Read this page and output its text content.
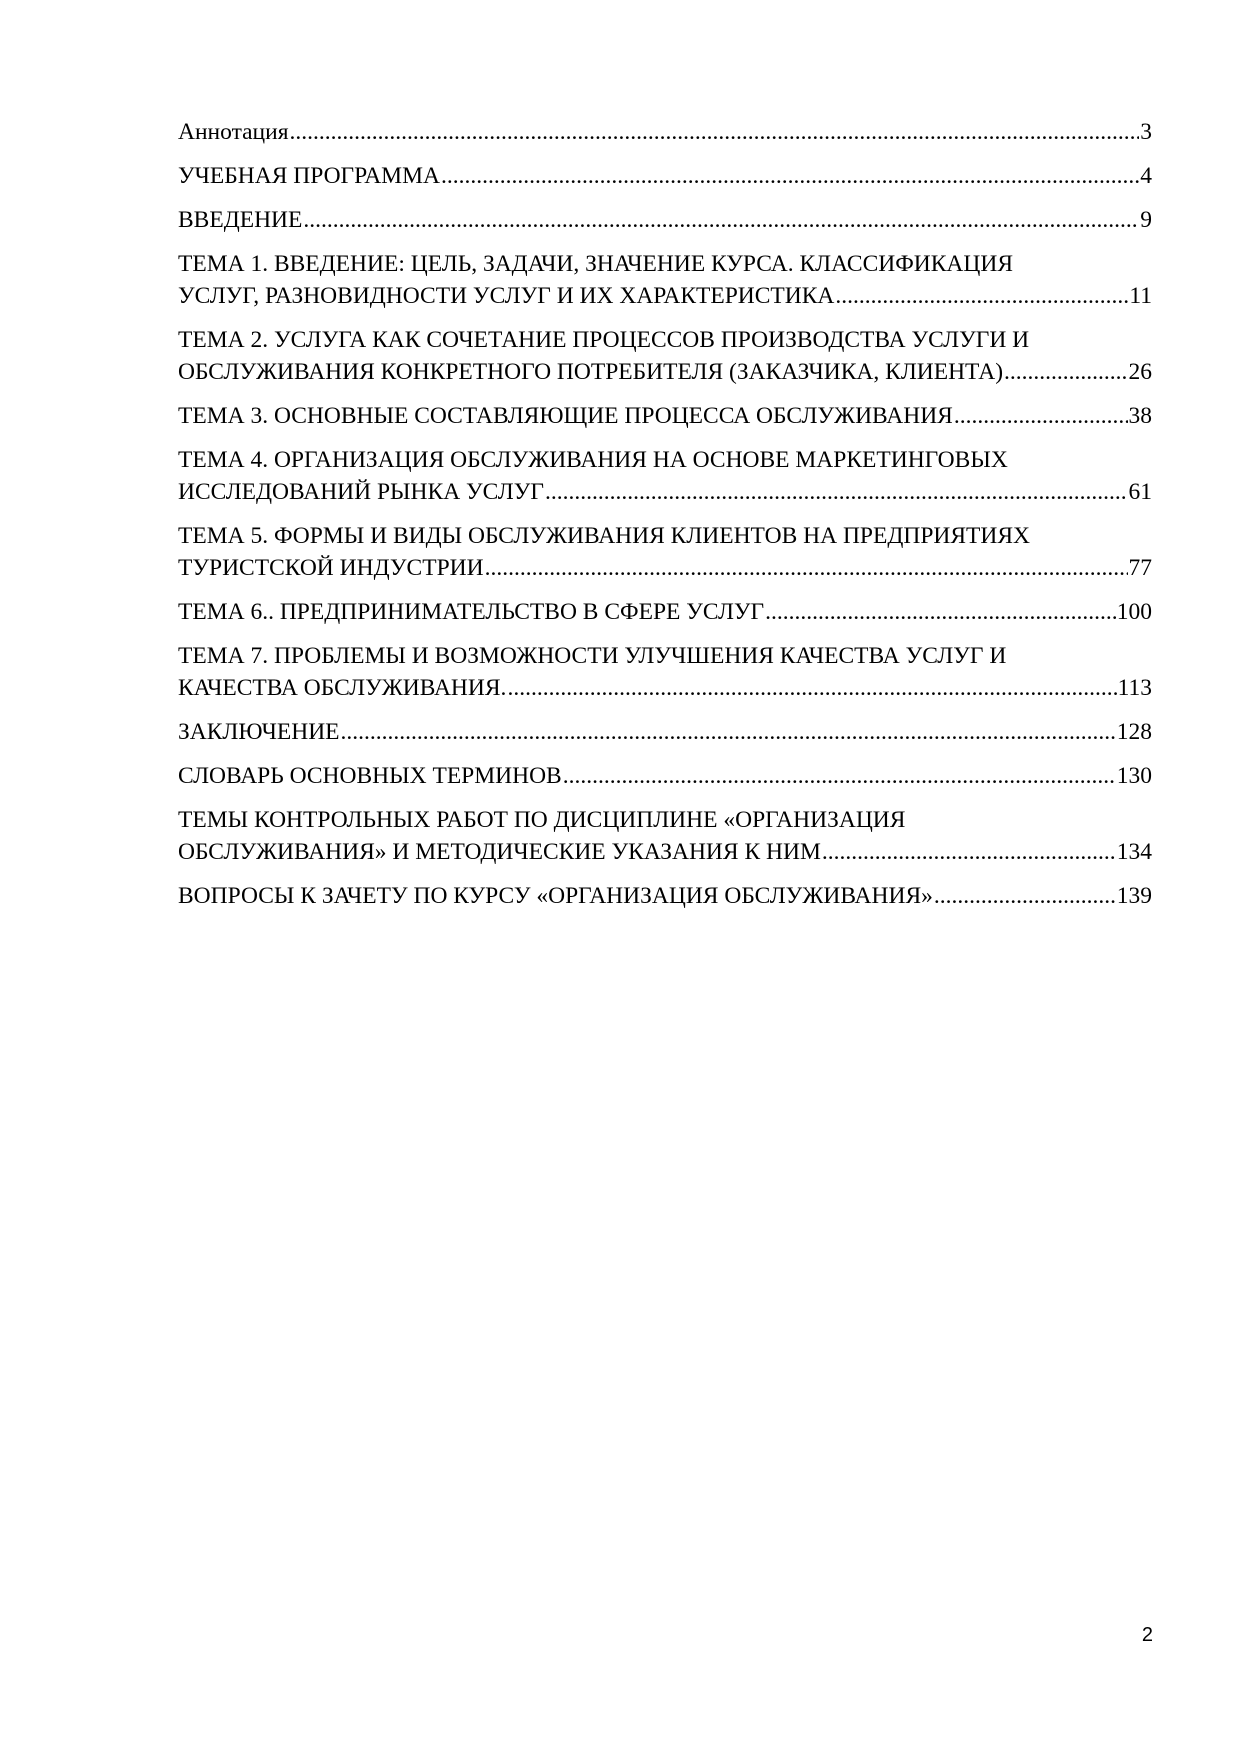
Аннотация .....	3
УЧЕБНАЯ ПРОГРАММА .....	4
ВВЕДЕНИЕ .....	9
ТЕМА 1. ВВЕДЕНИЕ: ЦЕЛЬ, ЗАДАЧИ, ЗНАЧЕНИЕ КУРСА. КЛАССИФИКАЦИЯ
УСЛУГ, РАЗНОВИДНОСТИ УСЛУГ И ИХ ХАРАКТЕРИСТИКА .....	11
ТЕМА 2. УСЛУГА КАК СОЧЕТАНИЕ ПРОЦЕССОВ ПРОИЗВОДСТВА УСЛУГИ И
ОБСЛУЖИВАНИЯ КОНКРЕТНОГО ПОТРЕБИТЕЛЯ (ЗАКАЗЧИКА, КЛИЕНТА) .....	26
ТЕМА 3. ОСНОВНЫЕ СОСТАВЛЯЮЩИЕ ПРОЦЕССА ОБСЛУЖИВАНИЯ .....	38
ТЕМА 4. ОРГАНИЗАЦИЯ ОБСЛУЖИВАНИЯ НА ОСНОВЕ МАРКЕТИНГОВЫХ
ИССЛЕДОВАНИЙ РЫНКА УСЛУГ .....	61
ТЕМА 5. ФОРМЫ И ВИДЫ ОБСЛУЖИВАНИЯ КЛИЕНТОВ НА ПРЕДПРИЯТИЯХ
ТУРИСТСКОЙ ИНДУСТРИИ .....	77
ТЕМА 6.. ПРЕДПРИНИМАТЕЛЬСТВО В СФЕРЕ УСЛУГ .....	100
ТЕМА 7. ПРОБЛЕМЫ И ВОЗМОЖНОСТИ УЛУЧШЕНИЯ КАЧЕСТВА УСЛУГ И
КАЧЕСТВА ОБСЛУЖИВАНИЯ. .....	113
ЗАКЛЮЧЕНИЕ .....	128
СЛОВАРЬ ОСНОВНЫХ ТЕРМИНОВ .....	130
ТЕМЫ КОНТРОЛЬНЫХ РАБОТ ПО ДИСЦИПЛИНЕ «ОРГАНИЗАЦИЯ
ОБСЛУЖИВАНИЯ» И МЕТОДИЧЕСКИЕ УКАЗАНИЯ К НИМ .....	134
ВОПРОСЫ К ЗАЧЕТУ ПО КУРСУ «ОРГАНИЗАЦИЯ ОБСЛУЖИВАНИЯ» .....	139
2
